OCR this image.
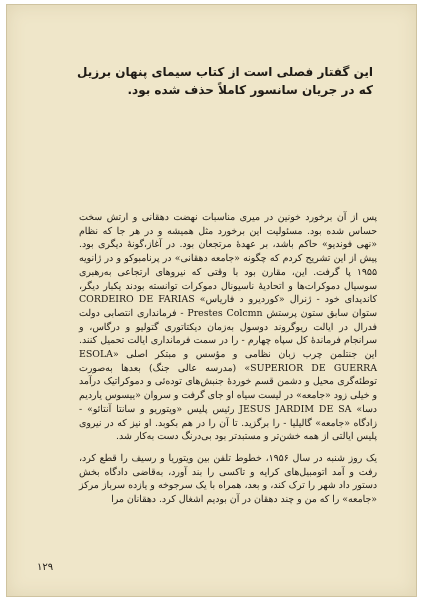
این گفتار فصلی است از کتاب سیمای پنهان برزیل که در جریان سانسور کاملاً حذف شده بود.

پس از آن برخورد خونین در میری مناسبات نهضت دهقانی و ارتش سخت حساس شده بود. مسئولیت این برخورد مثل همیشه و در هر جا که نظام «نهی فوندیو» حاکم باشد، بر عهدهٔ مرتجعان بود. در آغاز،گونهٔ دیگری بود. پیش از این تشریح کردم که چگونه «جامعه دهقانی» در پرنامبوکو و در ژانویه ۱۹۵۵ پا گرفت. این، مقارن بود با وقتی که نیروهای ارتجاعی به‌رهبری سوسیال دموکرات‌ها و اتحادیهٔ ناسیونال دموکرات توانسته بودند یکبار دیگر، کاندیدای خود - ژنرال «کوردیرو د فاریاس» CORDEIRO DE FARIAS ستوان سابق ستون پرستش Prestes Colcmn - فرمانداری انتصابی دولت فدرال در ایالت ریوگروند دوسول به‌زمان دیکتاتوری گتولیو و درگاس، و سرانجام فرماندهٔ کل سپاه چهارم - را در سمت فرمانداری ایالت تحمیل کنند. این جنتلمن چرب زبان نظامی و مؤسس و مبتکر اصلی «ESOLA SUPERIOR DE GUERRA» (مدرسه عالی جنگ) بعدها به‌صورت توطئه‌گری محیل و دشمن قسم خوردهٔ جنبش‌های توده‌ئی و دموکراتیک درآمد و خیلی زود «جامعه» در لیست سیاه او جای گرفت و سروان «ییسوس یاردیم دسا» JESUS JARDIM DE SA رئیس پلیس «ویتوریو و سانتا آنتائو» - زادگاه «جامعه» گالیلیا - را برگزید. تا آن را در هم بکوبد. او نیز که در نیروی پلیس ایالتی از همه خشن‌تر و مستبدتر بود بی‌درنگ دست به‌کار شد.

یک روز شنبه در سال ۱۹۵۶، خطوط تلفن بین ویتوریا و رسیف را قطع کرد، رفت و آمد اتومبیل‌های کرایه و تاکسی را بند آورد، به‌قاضی دادگاه بخش دستور داد شهر را ترک کند، و بعد، همراه با یک سرجوخه و یازده سرباز مرکز «جامعه» را که من و چند دهقان در آن بودیم اشغال کرد. دهقانان مرا

۱۲۹
